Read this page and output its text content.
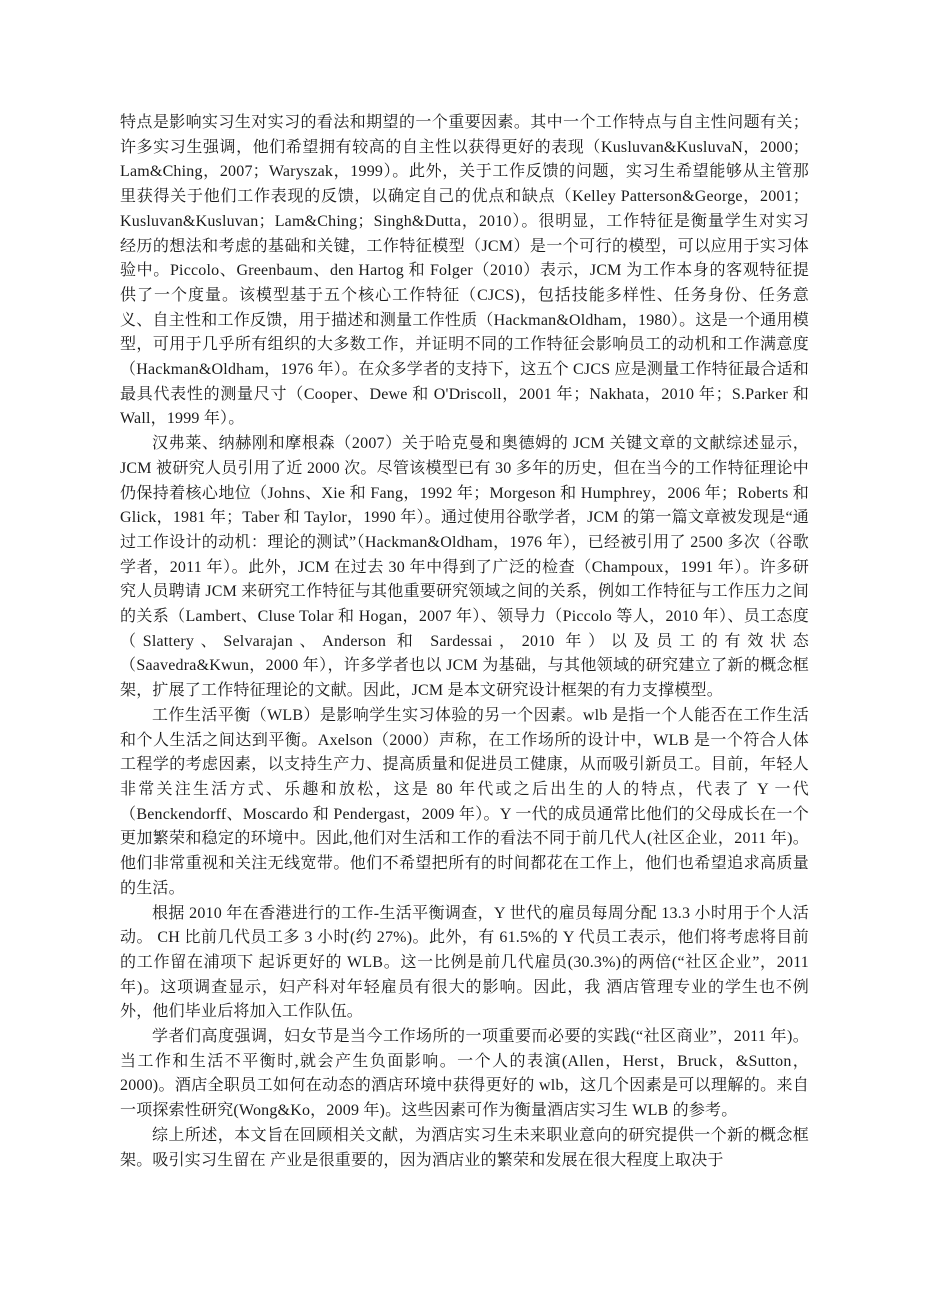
特点是影响实习生对实习的看法和期望的一个重要因素。其中一个工作特点与自主性问题有关；许多实习生强调，他们希望拥有较高的自主性以获得更好的表现（Kusluvan&KusluvaN，2000；Lam&Ching，2007；Waryszak，1999）。此外，关于工作反馈的问题，实习生希望能够从主管那里获得关于他们工作表现的反馈，以确定自己的优点和缺点（Kelley Patterson&George，2001；Kusluvan&Kusluvan；Lam&Ching；Singh&Dutta，2010）。很明显，工作特征是衡量学生对实习经历的想法和考虑的基础和关键，工作特征模型（JCM）是一个可行的模型，可以应用于实习体验中。Piccolo、Greenbaum、den Hartog 和 Folger（2010）表示，JCM 为工作本身的客观特征提供了一个度量。该模型基于五个核心工作特征（CJCS)，包括技能多样性、任务身份、任务意义、自主性和工作反馈，用于描述和测量工作性质（Hackman&Oldham，1980）。这是一个通用模型，可用于几乎所有组织的大多数工作，并证明不同的工作特征会影响员工的动机和工作满意度（Hackman&Oldham，1976 年）。在众多学者的支持下，这五个 CJCS 应是测量工作特征最合适和最具代表性的测量尺寸（Cooper、Dewe 和 O'Driscoll，2001 年；Nakhata，2010 年；S.Parker 和 Wall，1999 年）。

汉弗莱、纳赫刚和摩根森（2007）关于哈克曼和奥德姆的 JCM 关键文章的文献综述显示，JCM 被研究人员引用了近 2000 次。尽管该模型已有 30 多年的历史，但在当今的工作特征理论中仍保持着核心地位（Johns、Xie 和 Fang，1992 年；Morgeson 和 Humphrey，2006 年；Roberts 和 Glick，1981 年；Taber 和 Taylor，1990 年）。通过使用谷歌学者，JCM 的第一篇文章被发现是“通过工作设计的动机：理论的测试”（Hackman&Oldham，1976 年），已经被引用了 2500 多次（谷歌学者，2011 年）。此外，JCM 在过去 30 年中得到了广泛的检查（Champoux，1991 年）。许多研究人员聘请 JCM 来研究工作特征与其他重要研究领域之间的关系，例如工作特征与工作压力之间的关系（Lambert、Cluse Tolar 和 Hogan，2007 年）、领导力（Piccolo 等人，2010 年）、员工态度（Slattery、Selvarajan、Anderson 和 Sardessai，2010 年）以及员工的有效状态（Saavedra&Kwun，2000 年），许多学者也以 JCM 为基础，与其他领域的研究建立了新的概念框架，扩展了工作特征理论的文献。因此，JCM 是本文研究设计框架的有力支撑模型。

工作生活平衡（WLB）是影响学生实习体验的另一个因素。wlb 是指一个人能否在工作生活和个人生活之间达到平衡。Axelson（2000）声称，在工作场所的设计中，WLB 是一个符合人体工程学的考虑因素，以支持生产力、提高质量和促进员工健康，从而吸引新员工。目前，年轻人非常关注生活方式、乐趣和放松，这是 80 年代或之后出生的人的特点，代表了 Y 一代（Benckendorff、Moscardo 和 Pendergast，2009 年）。Y 一代的成员通常比他们的父母成长在一个更加繁荣和稳定的环境中。因此,他们对生活和工作的看法不同于前几代人(社区企业，2011 年)。他们非常重视和关注无线宽带。他们不希望把所有的时间都花在工作上，他们也希望追求高质量的生活。

根据 2010 年在香港进行的工作-生活平衡调查，Y 世代的雇员每周分配 13.3 小时用于个人活动。 CH 比前几代员工多 3 小时(约 27%)。此外，有 61.5%的 Y 代员工表示，他们将考虑将目前的工作留在浦项下 起诉更好的 WLB。这一比例是前几代雇员(30.3%)的两倍(“社区企业”，2011 年)。这项调查显示，妇产科对年轻雇员有很大的影响。因此，我 酒店管理专业的学生也不例外，他们毕业后将加入工作队伍。

学者们高度强调，妇女节是当今工作场所的一项重要而必要的实践(“社区商业”，2011 年)。当工作和生活不平衡时,就会产生负面影响。一个人的表演(Allen，Herst，Bruck，&Sutton，2000)。酒店全职员工如何在动态的酒店环境中获得更好的 wlb，这几个因素是可以理解的。来自一项探索性研究(Wong&Ko，2009 年)。这些因素可作为衡量酒店实习生 WLB 的参考。

综上所述，本文旨在回顾相关文献，为酒店实习生未来职业意向的研究提供一个新的概念框架。吸引实习生留在 产业是很重要的，因为酒店业的繁荣和发展在很大程度上取决于
